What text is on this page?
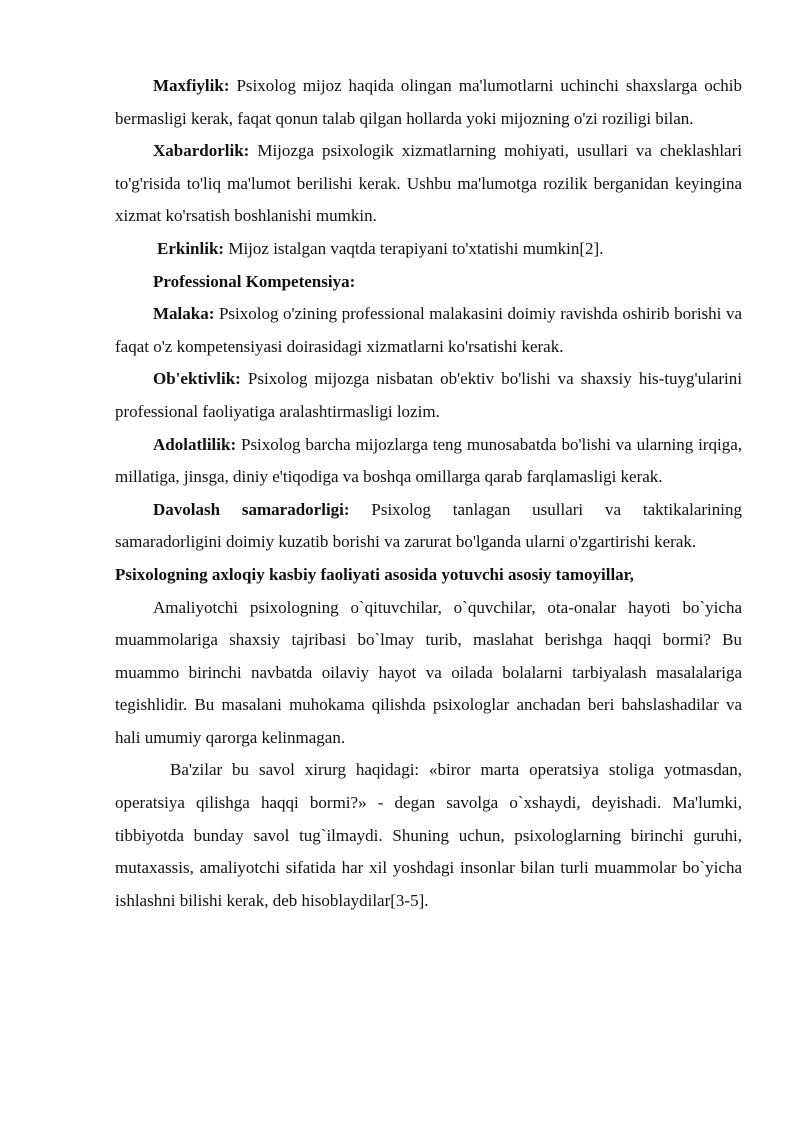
Maxfiylik: Psixolog mijoz haqida olingan ma'lumotlarni uchinchi shaxslarga ochib bermasligi kerak, faqat qonun talab qilgan hollarda yoki mijozning o'zi roziligi bilan.

Xabardorlik: Mijozga psixologik xizmatlarning mohiyati, usullari va cheklashlari to'g'risida to'liq ma'lumot berilishi kerak. Ushbu ma'lumotga rozilik berganidan keyingina xizmat ko'rsatish boshlanishi mumkin.

Erkinlik: Mijoz istalgan vaqtda terapiyani to'xtatishi mumkin[2].

Professional Kompetensiya:

Malaka: Psixolog o'zining professional malakasini doimiy ravishda oshirib borishi va faqat o'z kompetensiyasi doirasidagi xizmatlarni ko'rsatishi kerak.

Ob'ektivlik: Psixolog mijozga nisbatan ob'ektiv bo'lishi va shaxsiy his-tuyg'ularini professional faoliyatiga aralashtirmasligi lozim.

Adolatlilik: Psixolog barcha mijozlarga teng munosabatda bo'lishi va ularning irqiga, millatiga, jinsga, diniy e'tiqodiga va boshqa omillarga qarab farqlamasligi kerak.

Davolash samaradorligi: Psixolog tanlagan usullari va taktikalarining samaradorligini doimiy kuzatib borishi va zarurat bo'lganda ularni o'zgartirishi kerak.

Psixologning axloqiy kasbiy faoliyati asosida yotuvchi asosiy tamoyillar,

Amaliyotchi psixologning o`qituvchilar, o`quvchilar, ota-onalar hayoti bo`yicha muammolariga shaxsiy tajribasi bo`lmay turib, maslahat berishga haqqi bormi? Bu muammo birinchi navbatda oilaviy hayot va oilada bolalarni tarbiyalash masalalariga tegishlidir. Bu masalani muhokama qilishda psixologlar anchadan beri bahslashadilar va hali umumiy qarorga kelinmagan.

Ba'zilar bu savol xirurg haqidagi: «biror marta operatsiya stoliga yotmasdan, operatsiya qilishga haqqi bormi?» - degan savolga o`xshaydi, deyishadi. Ma'lumki, tibbiyotda bunday savol tug`ilmaydi. Shuning uchun, psixologlarning birinchi guruhi, mutaxassis, amaliyotchi sifatida har xil yoshdagi insonlar bilan turli muammolar bo`yicha ishlashni bilishi kerak, deb hisoblaydilar[3-5].
